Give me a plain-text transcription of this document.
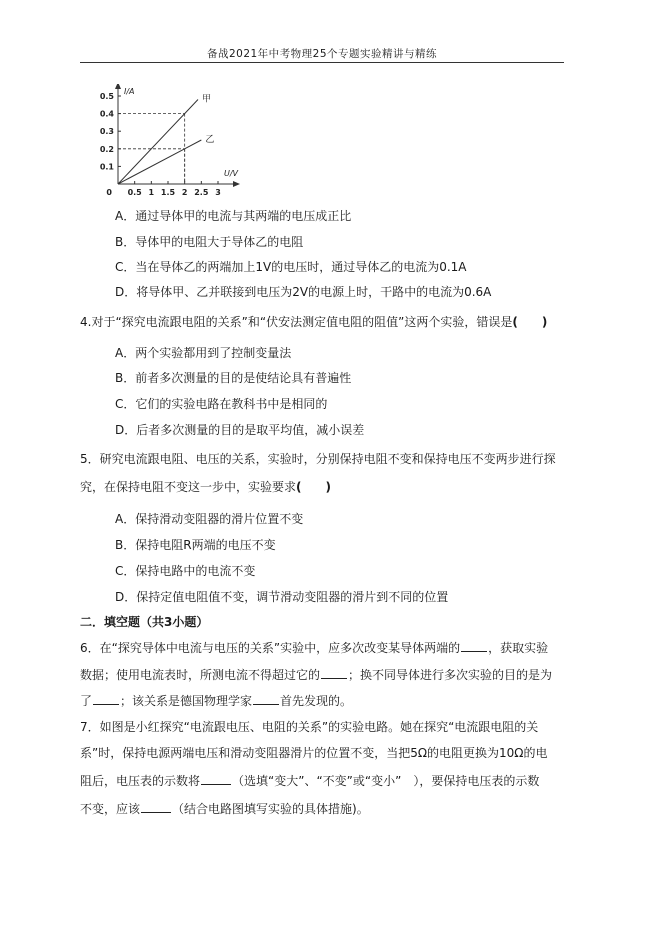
备战2021年中考物理25个专题实验精讲与精练
0.5 1 1.5 2 2.5 3
0.5
0.4
0.3
0.2
0.1
0
U/V
I/A
甲
乙
A．通过导体甲的电流与其两端的电压成正比
B．导体甲的电阻大于导体乙的电阻
C．当在导体乙的两端加上1V的电压时，通过导体乙的电流为0.1A
D．将导体甲、乙并联接到电压为2V的电源上时，干路中的电流为0.6A
4.对于“探究电流跟电阻的关系”和“伏安法测定值电阻的阻值”这两个实验，错误是(　　)
A．两个实验都用到了控制变量法
B．前者多次测量的目的是使结论具有普遍性
C．它们的实验电路在教科书中是相同的
D．后者多次测量的目的是取平均值，减小误差
5．研究电流跟电阻、电压的关系，实验时，分别保持电阻不变和保持电压不变两步进行探
究，在保持电阻不变这一步中，实验要求(　　)
A．保持滑动变阻器的滑片位置不变
B．保持电阻R两端的电压不变
C．保持电路中的电流不变
D．保持定值电阻值不变，调节滑动变阻器的滑片到不同的位置
二．填空题（共3小题）
6．在“探究导体中电流与电压的关系”实验中，应多次改变某导体两端的 ，获取实验
数据；使用电流表时，所测电流不得超过它的 ；换不同导体进行多次实验的目的是为
了 ；该关系是德国物理学家 首先发现的。
7．如图是小红探究“电流跟电压、电阻的关系”的实验电路。她在探究“电流跟电阻的关
系”时，保持电源两端电压和滑动变阻器滑片的位置不变，当把5Ω的电阻更换为10Ω的电
阻后，电压表的示数将	（选填“变大”、“不变”或“变小”　），要保持电压表的示数
不变，应该	（结合电路图填写实验的具体措施)。
